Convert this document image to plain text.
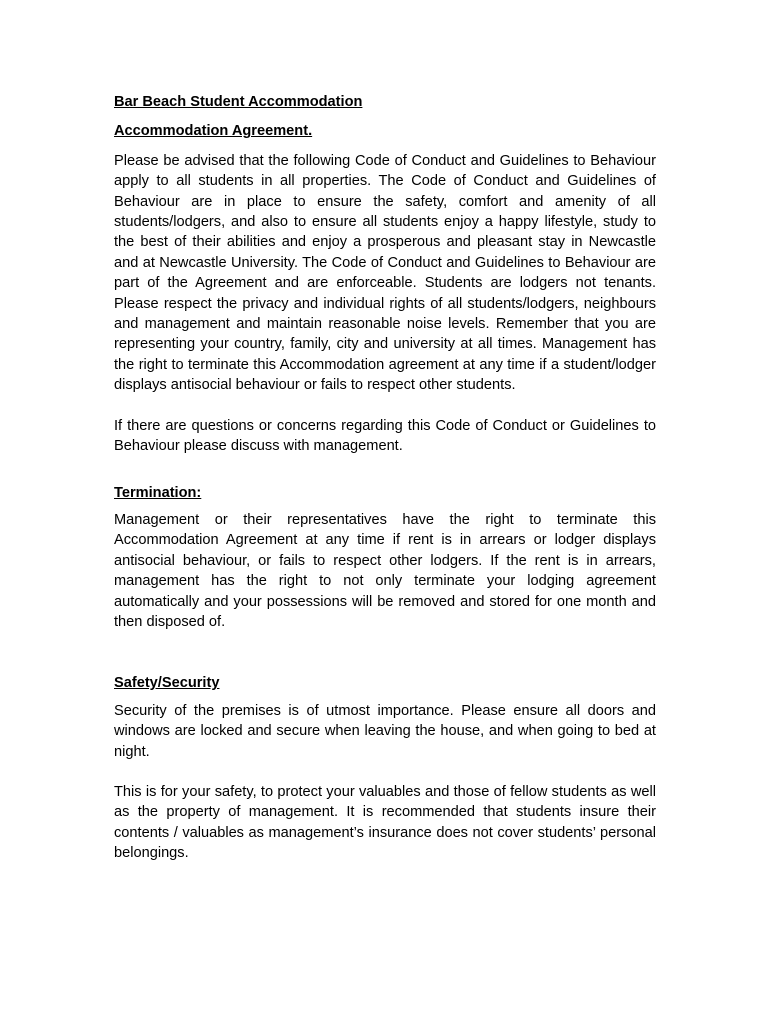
Bar Beach Student Accommodation

Accommodation Agreement.

Please be advised that the following Code of Conduct and Guidelines to Behaviour apply to all students in all properties. The Code of Conduct and Guidelines of Behaviour are in place to ensure the safety, comfort and amenity of all students/lodgers, and also to ensure all students enjoy a happy lifestyle, study to the best of their abilities and enjoy a prosperous and pleasant stay in Newcastle and at Newcastle University. The Code of Conduct and Guidelines to Behaviour are part of the Agreement and are enforceable. Students are lodgers not tenants. Please respect the privacy and individual rights of all students/lodgers, neighbours and management and maintain reasonable noise levels. Remember that you are representing your country, family, city and university at all times. Management has the right to terminate this Accommodation agreement at any time if a student/lodger displays antisocial behaviour or fails to respect other students.

If there are questions or concerns regarding this Code of Conduct or Guidelines to Behaviour please discuss with management.

Termination:

Management or their representatives have the right to terminate this Accommodation Agreement at any time if rent is in arrears or lodger displays antisocial behaviour, or fails to respect other lodgers. If the rent is in arrears, management has the right to not only terminate your lodging agreement automatically and your possessions will be removed and stored for one month and then disposed of.

Safety/Security

Security of the premises is of utmost importance. Please ensure all doors and windows are locked and secure when leaving the house, and when going to bed at night.

This is for your safety, to protect your valuables and those of fellow students as well as the property of management. It is recommended that students insure their contents / valuables as management’s insurance does not cover students’ personal belongings.
